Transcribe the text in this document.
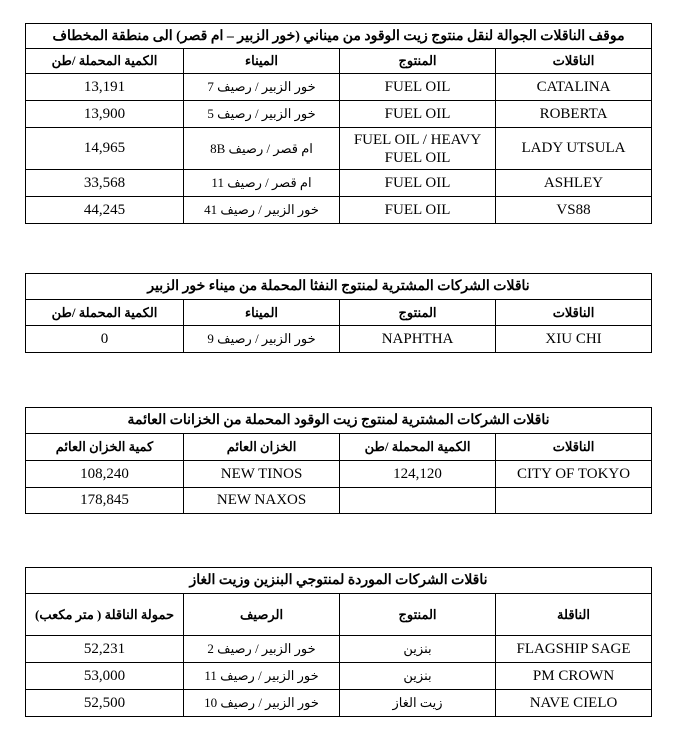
موقف الناقلات الجوالة لنقل منتوج زيت الوقود من ميناني (خور الزبير – ام قصر) الى منطقة المخطاف			
الناقلات	المنتوج	الميناء	الكمية المحملة /طن
CATALINA	FUEL OIL	خور الزبير / رصيف 7	13,191
ROBERTA	FUEL OIL	خور الزبير / رصيف 5	13,900
LADY UTSULA	FUEL OIL / HEAVY FUEL OIL	ام قصر / رصيف 8B	14,965
ASHLEY	FUEL OIL	ام قصر / رصيف 11	33,568
VS88	FUEL OIL	خور الزبير / رصيف 41	44,245
ناقلات الشركات المشترية لمنتوج النفثا المحملة من ميناء خور الزبير			
الناقلات	المنتوج	الميناء	الكمية المحملة /طن
XIU CHI	NAPHTHA	خور الزبير / رصيف 9	0
ناقلات الشركات المشترية لمنتوج زيت الوقود المحملة من الخزانات العائمة			
الناقلات	الكمية المحملة /طن	الخزان العائم	كمية الخزان العائم
CITY OF TOKYO	124,120	NEW TINOS	108,240
		NEW NAXOS	178,845
ناقلات الشركات الموردة لمنتوجي البنزين وزيت الغاز			
الناقلة	المنتوج	الرصيف	حمولة الناقلة ( متر مكعب)
FLAGSHIP SAGE	بنزين	خور الزبير / رصيف 2	52,231
PM CROWN	بنزين	خور الزبير / رصيف 11	53,000
NAVE CIELO	زيت الغاز	خور الزبير / رصيف 10	52,500
